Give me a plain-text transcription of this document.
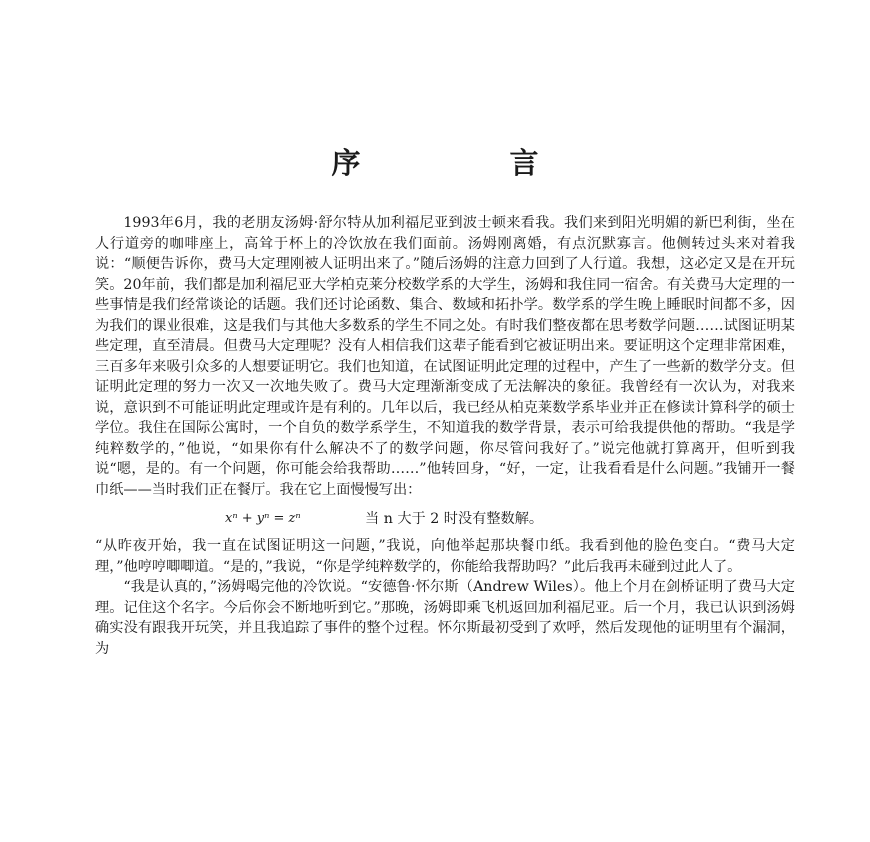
序　言

1993年6月，我的老朋友汤姆·舒尔特从加利福尼亚到波士顿来看我。我们来到阳光明媚的新巴利街，坐在人行道旁的咖啡座上，高耸于杯上的冷饮放在我们面前。汤姆刚离婚，有点沉默寡言。他侧转过头来对着我说：“顺便告诉你，费马大定理刚被人证明出来了。”随后汤姆的注意力回到了人行道。我想，这必定又是在开玩笑。20年前，我们都是加利福尼亚大学柏克莱分校数学系的大学生，汤姆和我住同一宿舍。有关费马大定理的一些事情是我们经常谈论的话题。我们还讨论函数、集合、数域和拓扑学。数学系的学生晚上睡眠时间都不多，因为我们的课业很难，这是我们与其他大多数系的学生不同之处。有时我们整夜都在思考数学问题……试图证明某些定理，直至清晨。但费马大定理呢？没有人相信我们这辈子能看到它被证明出来。要证明这个定理非常困难，三百多年来吸引众多的人想要证明它。我们也知道，在试图证明此定理的过程中，产生了一些新的数学分支。但证明此定理的努力一次又一次地失败了。费马大定理渐渐变成了无法解决的象征。我曾经有一次认为，对我来说，意识到不可能证明此定理或许是有利的。几年以后，我已经从柏克莱数学系毕业并正在修读计算科学的硕士学位。我住在国际公寓时，一个自负的数学系学生，不知道我的数学背景，表示可给我提供他的帮助。“我是学纯粹数学的，”他说，“如果你有什么解决不了的数学问题，你尽管问我好了。”说完他就打算离开，但听到我说“嗯，是的。有一个问题，你可能会给我帮助……”他转回身，“好，一定，让我看看是什么问题。”我铺开一餐巾纸——当时我们正在餐厅。我在它上面慢慢写出：

xⁿ + yⁿ = zⁿ	当 n 大于 2 时没有整数解。

“从昨夜开始，我一直在试图证明这一问题，”我说，向他举起那块餐巾纸。我看到他的脸色变白。“费马大定理，”他哼哼唧唧道。“是的，”我说，“你是学纯粹数学的，你能给我帮助吗？”此后我再未碰到过此人了。

“我是认真的，”汤姆喝完他的冷饮说。“安德鲁·怀尔斯（Andrew Wiles）。他上个月在剑桥证明了费马大定理。记住这个名字。今后你会不断地听到它。”那晚，汤姆即乘飞机返回加利福尼亚。后一个月，我已认识到汤姆确实没有跟我开玩笑，并且我追踪了事件的整个过程。怀尔斯最初受到了欢呼，然后发现他的证明里有个漏洞，为
